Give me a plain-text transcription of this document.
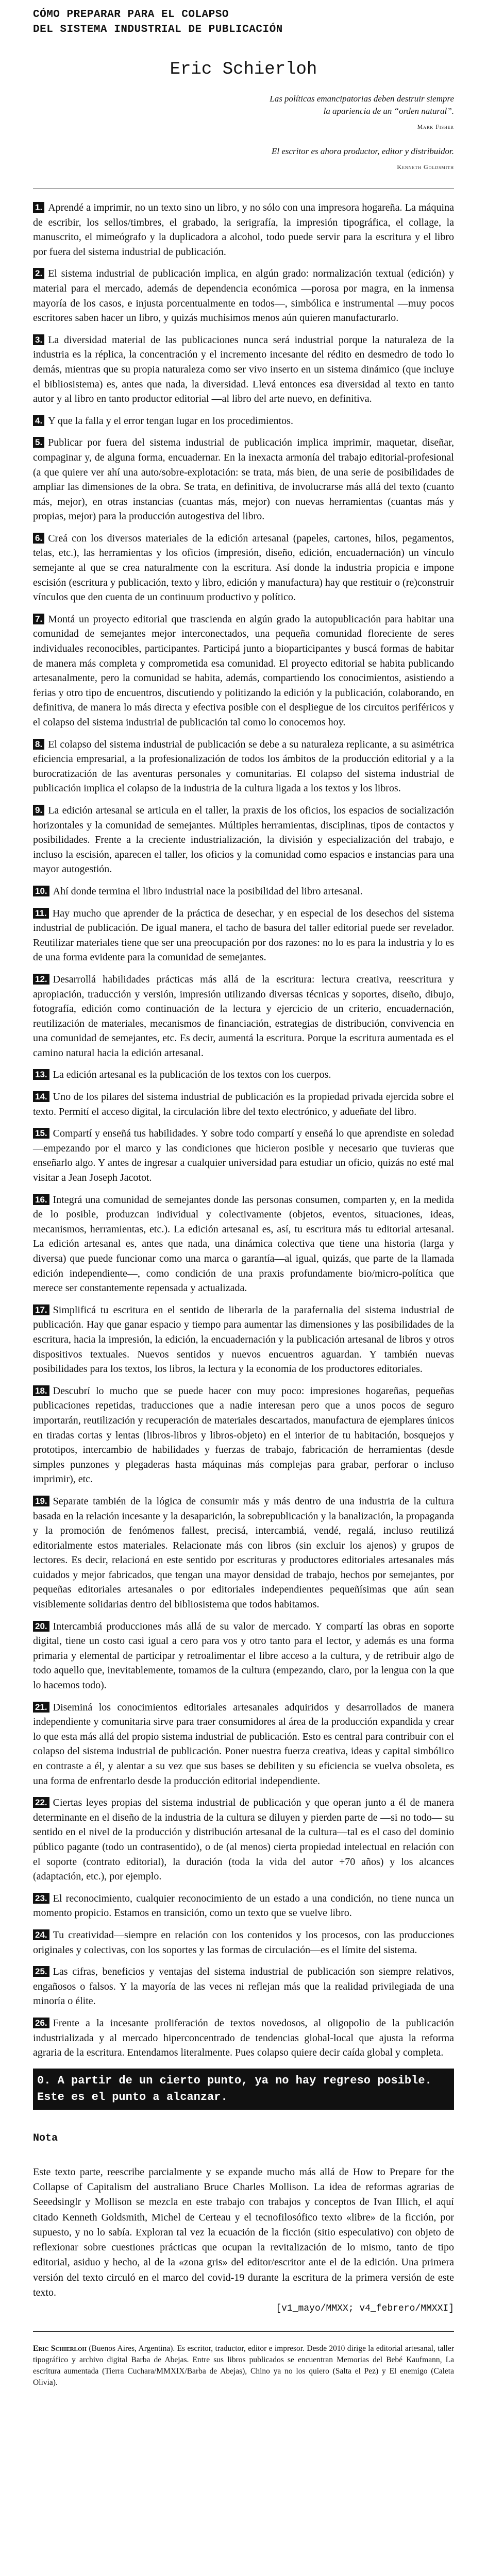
CÓMO PREPARAR PARA EL COLAPSO
DEL SISTEMA INDUSTRIAL DE PUBLICACIÓN
Eric Schierloh
Las políticas emancipatorias deben destruir siempre
la apariencia de un “orden natural”.
Mark Fisher
El escritor es ahora productor, editor y distribuidor.
Kenneth Goldsmith

1. Aprendé a imprimir, no un texto sino un libro, y no sólo con una impresora hogareña. La máquina de escribir, los sellos/timbres, el grabado, la serigrafía, la impresión tipográfica, el collage, la manuscrito, el mimeógrafo y la duplicadora a alcohol, todo puede servir para la escritura y el libro por fuera del sistema industrial de publicación.

2. El sistema industrial de publicación implica, en algún grado: normalización textual (edición) y material para el mercado, además de dependencia económica —porosa por magra, en la inmensa mayoría de los casos, e injusta porcentualmente en todos—, simbólica e instrumental —muy pocos escritores saben hacer un libro, y quizás muchísimos menos aún quieren manufacturarlo.

3. La diversidad material de las publicaciones nunca será industrial porque la naturaleza de la industria es la réplica, la concentración y el incremento incesante del rédito en desmedro de todo lo demás, mientras que su propia naturaleza como ser vivo inserto en un sistema dinámico (que incluye el bibliosistema) es, antes que nada, la diversidad. Llevá entonces esa diversidad al texto en tanto autor y al libro en tanto productor editorial —al libro del arte nuevo, en definitiva.

4. Y que la falla y el error tengan lugar en los procedimientos.

5. Publicar por fuera del sistema industrial de publicación implica imprimir, maquetar, diseñar, compaginar y, de alguna forma, encuadernar. En la inexacta armonía del trabajo editorial-profesional (a que quiere ver ahí una auto/sobre-explotación: se trata, más bien, de una serie de posibilidades de ampliar las dimensiones de la obra. Se trata, en definitiva, de involucrarse más allá del texto (cuanto más, mejor), en otras instancias (cuantas más, mejor) con nuevas herramientas (cuantas más y propias, mejor) para la producción autogestiva del libro.

6. Creá con los diversos materiales de la edición artesanal (papeles, cartones, hilos, pegamentos, telas, etc.), las herramientas y los oficios (impresión, diseño, edición, encuadernación) un vínculo semejante al que se crea naturalmente con la escritura. Así donde la industria propicia e impone escisión (escritura y publicación, texto y libro, edición y manufactura) hay que restituir o (re)construir vínculos que den cuenta de un continuum productivo y político.

7. Montá un proyecto editorial que trascienda en algún grado la autopublicación para habitar una comunidad de semejantes mejor interconectados, una pequeña comunidad floreciente de seres individuales reconocibles, participantes. Participá junto a bioparticipantes y buscá formas de habitar de manera más completa y comprometida esa comunidad. El proyecto editorial se habita publicando artesanalmente, pero la comunidad se habita, además, compartiendo los conocimientos, asistiendo a ferias y otro tipo de encuentros, discutiendo y politizando la edición y la publicación, colaborando, en definitiva, de manera lo más directa y efectiva posible con el despliegue de los circuitos periféricos y el colapso del sistema industrial de publicación tal como lo conocemos hoy.

8. El colapso del sistema industrial de publicación se debe a su naturaleza replicante, a su asimétrica eficiencia empresarial, a la profesionalización de todos los ámbitos de la producción editorial y a la burocratización de las aventuras personales y comunitarias. El colapso del sistema industrial de publicación implica el colapso de la industria de la cultura ligada a los textos y los libros.

9. La edición artesanal se articula en el taller, la praxis de los oficios, los espacios de socialización horizontales y la comunidad de semejantes. Múltiples herramientas, disciplinas, tipos de contactos y posibilidades. Frente a la creciente industrialización, la división y especialización del trabajo, e incluso la escisión, aparecen el taller, los oficios y la comunidad como espacios e instancias para una mayor autogestión.

10. Ahí donde termina el libro industrial nace la posibilidad del libro artesanal.

11. Hay mucho que aprender de la práctica de desechar, y en especial de los desechos del sistema industrial de publicación. De igual manera, el tacho de basura del taller editorial puede ser revelador. Reutilizar materiales tiene que ser una preocupación por dos razones: no lo es para la industria y lo es de una forma evidente para la comunidad de semejantes.

12. Desarrollá habilidades prácticas más allá de la escritura: lectura creativa, reescritura y apropiación, traducción y versión, impresión utilizando diversas técnicas y soportes, diseño, dibujo, fotografía, edición como continuación de la lectura y ejercicio de un criterio, encuadernación, reutilización de materiales, mecanismos de financiación, estrategias de distribución, convivencia en una comunidad de semejantes, etc. Es decir, aumentá la escritura. Porque la escritura aumentada es el camino natural hacia la edición artesanal.

13. La edición artesanal es la publicación de los textos con los cuerpos.

14. Uno de los pilares del sistema industrial de publicación es la propiedad privada ejercida sobre el texto. Permití el acceso digital, la circulación libre del texto electrónico, y adueñate del libro.

15. Compartí y enseñá tus habilidades. Y sobre todo compartí y enseñá lo que aprendiste en soledad—empezando por el marco y las condiciones que hicieron posible y necesario que tuvieras que enseñarlo algo. Y antes de ingresar a cualquier universidad para estudiar un oficio, quizás no esté mal visitar a Jean Joseph Jacotot.

16. Integrá una comunidad de semejantes donde las personas consumen, comparten y, en la medida de lo posible, produzcan individual y colectivamente (objetos, eventos, situaciones, ideas, mecanismos, herramientas, etc.). La edición artesanal es, así, tu escritura más tu editorial artesanal. La edición artesanal es, antes que nada, una dinámica colectiva que tiene una historia (larga y diversa) que puede funcionar como una marca o garantía—al igual, quizás, que parte de la llamada edición independiente—, como condición de una praxis profundamente bio/micro-política que merece ser constantemente repensada y actualizada.

17. Simplificá tu escritura en el sentido de liberarla de la parafernalia del sistema industrial de publicación. Hay que ganar espacio y tiempo para aumentar las dimensiones y las posibilidades de la escritura, hacia la impresión, la edición, la encuadernación y la publicación artesanal de libros y otros dispositivos textuales. Nuevos sentidos y nuevos encuentros aguardan. Y también nuevas posibilidades para los textos, los libros, la lectura y la economía de los productores editoriales.

18. Descubrí lo mucho que se puede hacer con muy poco: impresiones hogareñas, pequeñas publicaciones repetidas, traducciones que a nadie interesan pero que a unos pocos de seguro importarán, reutilización y recuperación de materiales descartados, manufactura de ejemplares únicos en tiradas cortas y lentas (libros-libros y libros-objeto) en el interior de tu habitación, bosquejos y prototipos, intercambio de habilidades y fuerzas de trabajo, fabricación de herramientas (desde simples punzones y plegaderas hasta máquinas más complejas para grabar, perforar o incluso imprimir), etc.

19. Separate también de la lógica de consumir más y más dentro de una industria de la cultura basada en la relación incesante y la desaparición, la sobrepublicación y la banalización, la propaganda y la promoción de fenómenos fallest, precisá, intercambiá, vendé, regalá, incluso reutilizá editorialmente estos materiales. Relacionate más con libros (sin excluir los ajenos) y grupos de lectores. Es decir, relacioná en este sentido por escrituras y productores editoriales artesanales más cuidados y mejor fabricados, que tengan una mayor densidad de trabajo, hechos por semejantes, por pequeñas editoriales artesanales o por editoriales independientes pequeñísimas que aún sean visiblemente solidarias dentro del bibliosistema que todos habitamos.

20. Intercambiá producciones más allá de su valor de mercado. Y compartí las obras en soporte digital, tiene un costo casi igual a cero para vos y otro tanto para el lector, y además es una forma primaria y elemental de participar y retroalimentar el libre acceso a la cultura, y de retribuir algo de todo aquello que, inevitablemente, tomamos de la cultura (empezando, claro, por la lengua con la que lo hacemos todo).

21. Diseminá los conocimientos editoriales artesanales adquiridos y desarrollados de manera independiente y comunitaria sirve para traer consumidores al área de la producción expandida y crear lo que esta más allá del propio sistema industrial de publicación. Esto es central para contribuir con el colapso del sistema industrial de publicación. Poner nuestra fuerza creativa, ideas y capital simbólico en contraste a él, y alentar a su vez que sus bases se debiliten y su eficiencia se vuelva obsoleta, es una forma de enfrentarlo desde la producción editorial independiente.

22. Ciertas leyes propias del sistema industrial de publicación y que operan junto a él de manera determinante en el diseño de la industria de la cultura se diluyen y pierden parte de —si no todo— su sentido en el nivel de la producción y distribución artesanal de la cultura—tal es el caso del dominio público pagante (todo un contrasentido), o de (al menos) cierta propiedad intelectual en relación con el soporte (contrato editorial), la duración (toda la vida del autor +70 años) y los alcances (adaptación, etc.), por ejemplo.

23. El reconocimiento, cualquier reconocimiento de un estado a una condición, no tiene nunca un momento propicio. Estamos en transición, como un texto que se vuelve libro.

24. Tu creatividad—siempre en relación con los contenidos y los procesos, con las producciones originales y colectivas, con los soportes y las formas de circulación—es el límite del sistema.

25. Las cifras, beneficios y ventajas del sistema industrial de publicación son siempre relativos, engañosos o falsos. Y la mayoría de las veces ni reflejan más que la realidad privilegiada de una minoría o élite.

26. Frente a la incesante proliferación de textos novedosos, al oligopolio de la publicación industrializada y al mercado hiperconcentrado de tendencias global-local que ajusta la reforma agraria de la escritura. Entendamos literalmente. Pues colapso quiere decir caída global y completa.

0. A partir de un cierto punto, ya no hay regreso posible. Este es el punto a alcanzar.
Nota
Este texto parte, reescribe parcialmente y se expande mucho más allá de How to Prepare for the Collapse of Capitalism del australiano Bruce Charles Mollison. La idea de reformas agrarias de Seeedsinglr y Mollison se mezcla en este trabajo con trabajos y conceptos de Ivan Illich, el aquí citado Kenneth Goldsmith, Michel de Certeau y el tecnofilosófico texto «libre» de la ficción, por supuesto, y no lo sabía. Exploran tal vez la ecuación de la ficción (sitio especulativo) con objeto de reflexionar sobre cuestiones prácticas que ocupan la revitalización de lo mismo, tanto de tipo editorial, asiduo y hecho, al de la «zona gris» del editor/escritor ante el de la edición. Una primera versión del texto circuló en el marco del covid-19 durante la escritura de la primera versión de este texto.
[v1_mayo/MMXX; v4_febrero/MMXXI]
Eric Schierloh (Buenos Aires, Argentina). Es escritor, traductor, editor e impresor. Desde 2010 dirige la editorial artesanal, taller tipográfico y archivo digital Barba de Abejas. Entre sus libros publicados se encuentran Memorias del Bebé Kaufmann, La escritura aumentada (Tierra Cuchara/MMXIX/Barba de Abejas), Chino ya no los quiero (Salta el Pez) y El enemigo (Caleta Olivia).
